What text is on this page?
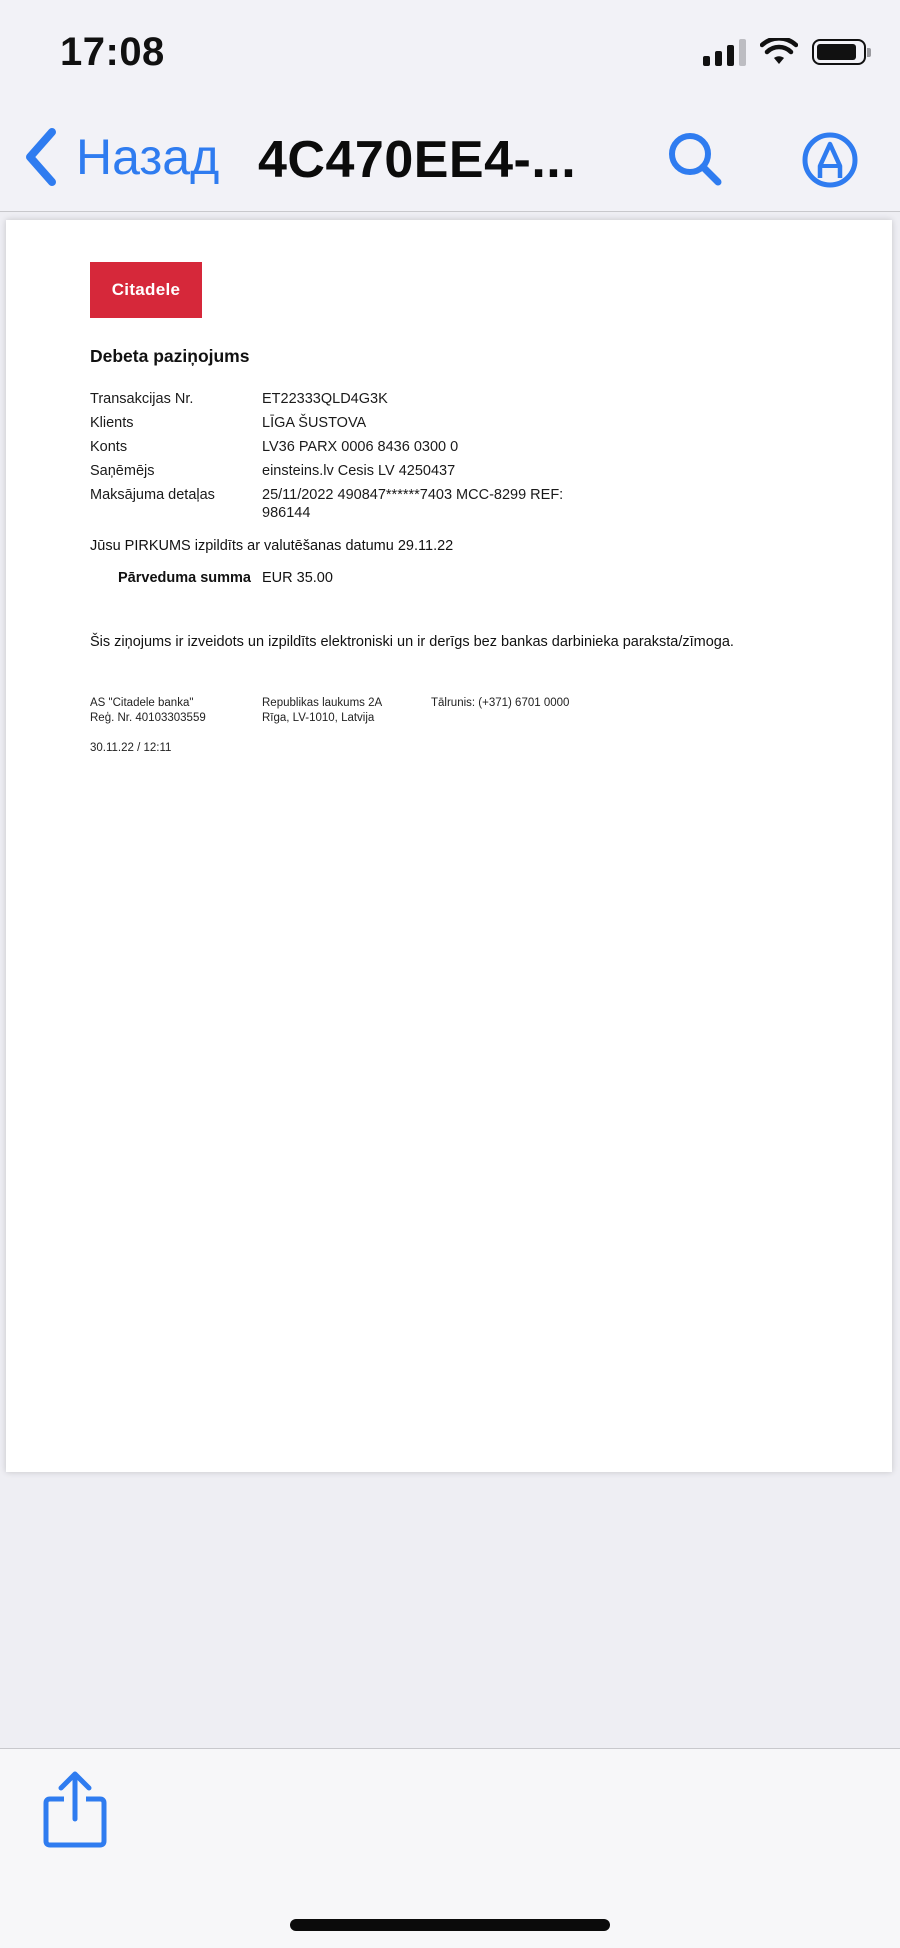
17:08
Назад 4C470EE4-...
Citadele
Debeta paziņojums
Transakcijas Nr.	ET22333QLD4G3K
Klients	LĪGA ŠUSTOVA
Konts	LV36 PARX 0006 8436 0300 0
Saņēmējs	einsteins.lv Cesis LV 4250437
Maksājuma detaļas	25/11/2022 490847******7403 MCC-8299 REF: 986144
Jūsu PIRKUMS izpildīts ar valutēšanas datumu 29.11.22
Pārveduma summa EUR 35.00
Šis ziņojums ir izveidots un izpildīts elektroniski un ir derīgs bez bankas darbinieka paraksta/zīmoga.
AS "Citadele banka"
Reģ. Nr. 40103303559
Republikas laukums 2A
Rīga, LV-1010, Latvija
Tālrunis: (+371) 6701 0000
30.11.22 / 12:11
